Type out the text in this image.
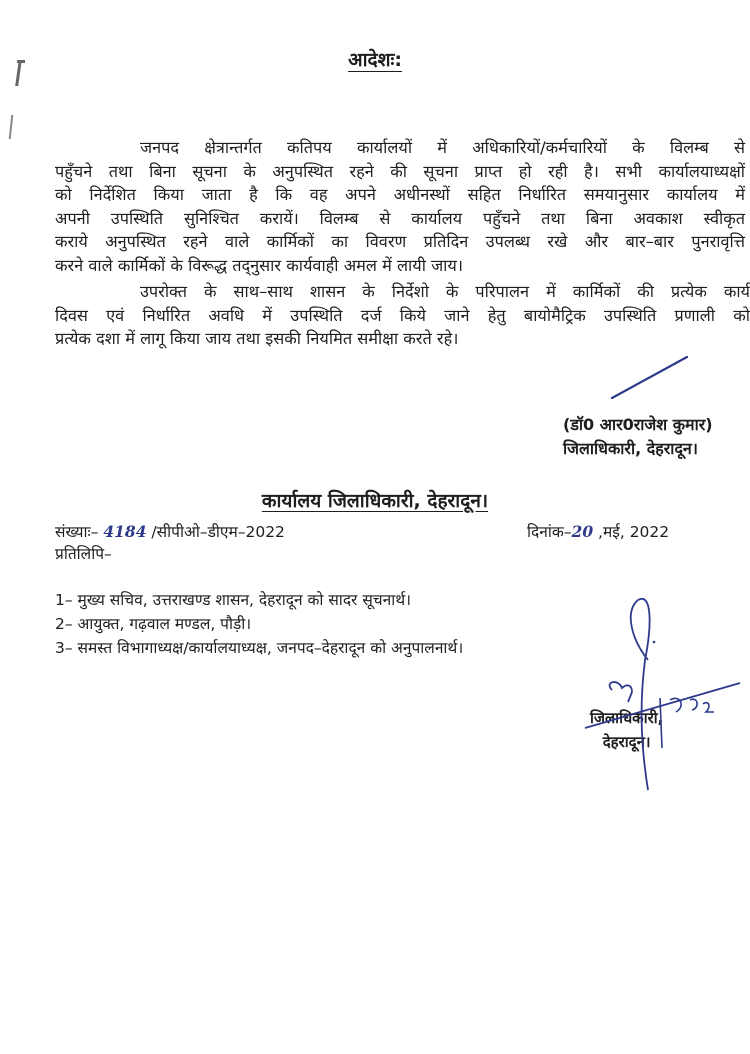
आदेशः:
जनपद क्षेत्रान्तर्गत कतिपय कार्यालयों में अधिकारियों/कर्मचारियों के विलम्ब से
पहुँचने तथा बिना सूचना के अनुपस्थित रहने की सूचना प्राप्त हो रही है। सभी कार्यालयाध्यक्षों
को निर्देशित किया जाता है कि वह अपने अधीनस्थों सहित निर्धारित समयानुसार कार्यालय में
अपनी उपस्थिति सुनिश्चित करायें। विलम्ब से कार्यालय पहुँचने तथा बिना अवकाश स्वीकृत
कराये अनुपस्थित रहने वाले कार्मिकों का विवरण प्रतिदिन उपलब्ध रखे और बार–बार पुनरावृत्ति
करने वाले कार्मिकों के विरूद्ध तद्नुसार कार्यवाही अमल में लायी जाय।
उपरोक्त के साथ–साथ शासन के निर्देशो के परिपालन में कार्मिकों की प्रत्येक कार्य
दिवस एवं निर्धारित अवधि में उपस्थिति दर्ज किये जाने हेतु बायोमैट्रिक उपस्थिति प्रणाली को
प्रत्येक दशा में लागू किया जाय तथा इसकी नियमित समीक्षा करते रहे।
(डॉ0 आर0राजेश कुमार)
जिलाधिकारी, देहरादून।
कार्यालय जिलाधिकारी, देहरादून।
संख्याः– 4184 /सीपीओ–डीएम–2022	दिनांक–20 ,मई, 2022
प्रतिलिपि–
1– मुख्य सचिव, उत्तराखण्ड शासन, देहरादून को सादर सूचनार्थ।
2– आयुक्त, गढ़वाल मण्डल, पौड़ी।
3– समस्त विभागाध्यक्ष/कार्यालयाध्यक्ष, जनपद–देहरादून को अनुपालनार्थ।
जिलाधिकारी,
देहरादून।
